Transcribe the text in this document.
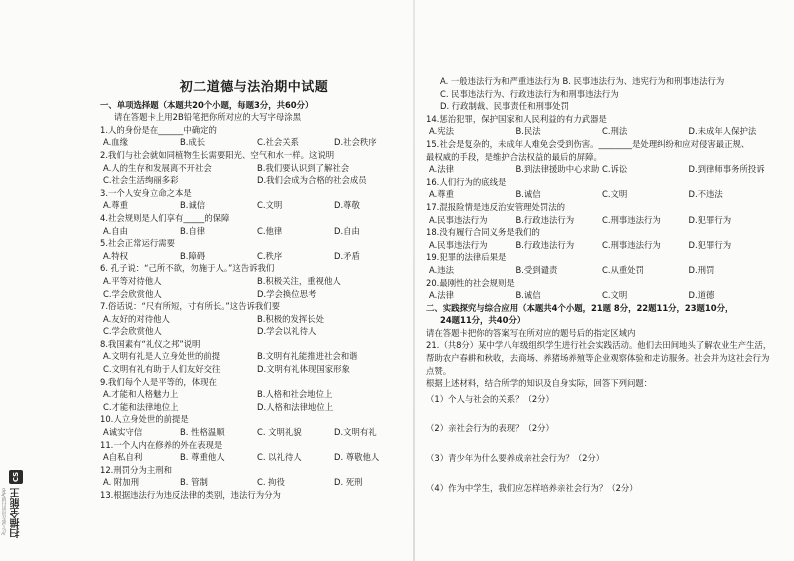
初二道德与法治期中试题
一、单项选择题（本题共20个小题，每题3分，共60分）
请在答题卡上用2B铅笔把你所对应的大写字母涂黑
1.人的身份是在______中确定的
A.血缘	B.成长	C.社会关系	D.社会秩序
2.我们与社会就如同植物生长需要阳光、空气和水一样。这说明
A.人的生存和发展离不开社会	B.我们要认识到了解社会
C.社会生活绚丽多彩	D.我们会成为合格的社会成员
3.一个人安身立命之本是
A.尊重	B.诚信	C.文明	D.尊敬
4.社会规则是人们享有_____的保障
A.自由	B.自律	C.他律	D.自由
5.社会正常运行需要
A.特权	B.障碍	C.秩序	D.矛盾
6. 孔子说：“己所不欲，勿施于人。”这告诉我们
A.平等对待他人	B.积极关注，重视他人
C.学会欣赏他人	D.学会换位思考
7.俗话说：“尺有所短，寸有所长。”这告诉我们要
A.友好的对待他人	B.积极的发挥长处
C.学会欣赏他人	D.学会以礼待人
8.我国素有“礼仪之邦”说明
A.文明有礼是人立身处世的前提	B.文明有礼能推进社会和谐
C.文明有礼有助于人们友好交往	D.文明有礼体现国家形象
9.我们每个人是平等的，体现在
A.才能和人格魅力上	B.人格和社会地位上
C.才能和法律地位上	D.人格和法律地位上
10.人立身处世的前提是
A诚实守信	B. 性格温顺	C. 文明礼貌	D.文明有礼
11.一个人内在修养的外在表现是
A自私自利	B. 尊重他人	C. 以礼待人	D. 尊敬他人
12.刑罚分为主刑和
A. 附加刑	B. 管制	C. 拘役	D. 死刑
13.根据违法行为违反法律的类别，违法行为分为
A. 一般违法行为和严重违法行为 B. 民事违法行为、违宪行为和刑事违法行为
C. 民事违法行为、行政违法行为和刑事违法行为
D. 行政制裁、民事责任和刑事处罚
14.惩治犯罪，保护国家和人民利益的有力武器是
A.宪法	B.民法	C.刑法	D.未成年人保护法
15.社会是复杂的，未成年人难免会受到伤害。________是处理纠纷和应对侵害最正规、
最权威的手段，是维护合法权益的最后的屏障。
A.法律	B.到法律援助中心求助 C.诉讼	D.到律师事务所投诉
16.人们行为的底线是
A.尊重	B.诚信	C.文明	D.不违法
17.混报险情是违反治安管理处罚法的
A.民事违法行为	B.行政违法行为	C.刑事违法行为	D.犯罪行为
18.没有履行合同义务是我们的
A.民事违法行为	B.行政违法行为	C.刑事违法行为	D.犯罪行为
19.犯罪的法律后果是
A.违法	B.受到谴责	C.从重处罚	D.刑罚
20.最刚性的社会规则是
A.法律	B.诚信	C.文明	D.道德
二、实践探究与综合应用（本题共4个小题，21题 8分，22题11分，23题10分，
24题11分，共40分）
请在答题卡把你的答案写在所对应的题号后的指定区域内
21.（共8分）某中学八年级组织学生进行社会实践活动。他们去田间地头了解农业生产生活，帮助农户春耕和秋收，去商场、养猪场养殖等企业观察体验和走访服务。社会并为这社会行为点赞。
根据上述材料，结合所学的知识及自身实际，回答下列问题：
（1）个人与社会的关系？（2分）
（2）亲社会行为的表现？（2分）
（3）青少年为什么要养成亲社会行为？（2分）
（4）作为中学生，我们应怎样培养亲社会行为？（2分）
CS
扫描全能王
3亿人都在用的扫描App
